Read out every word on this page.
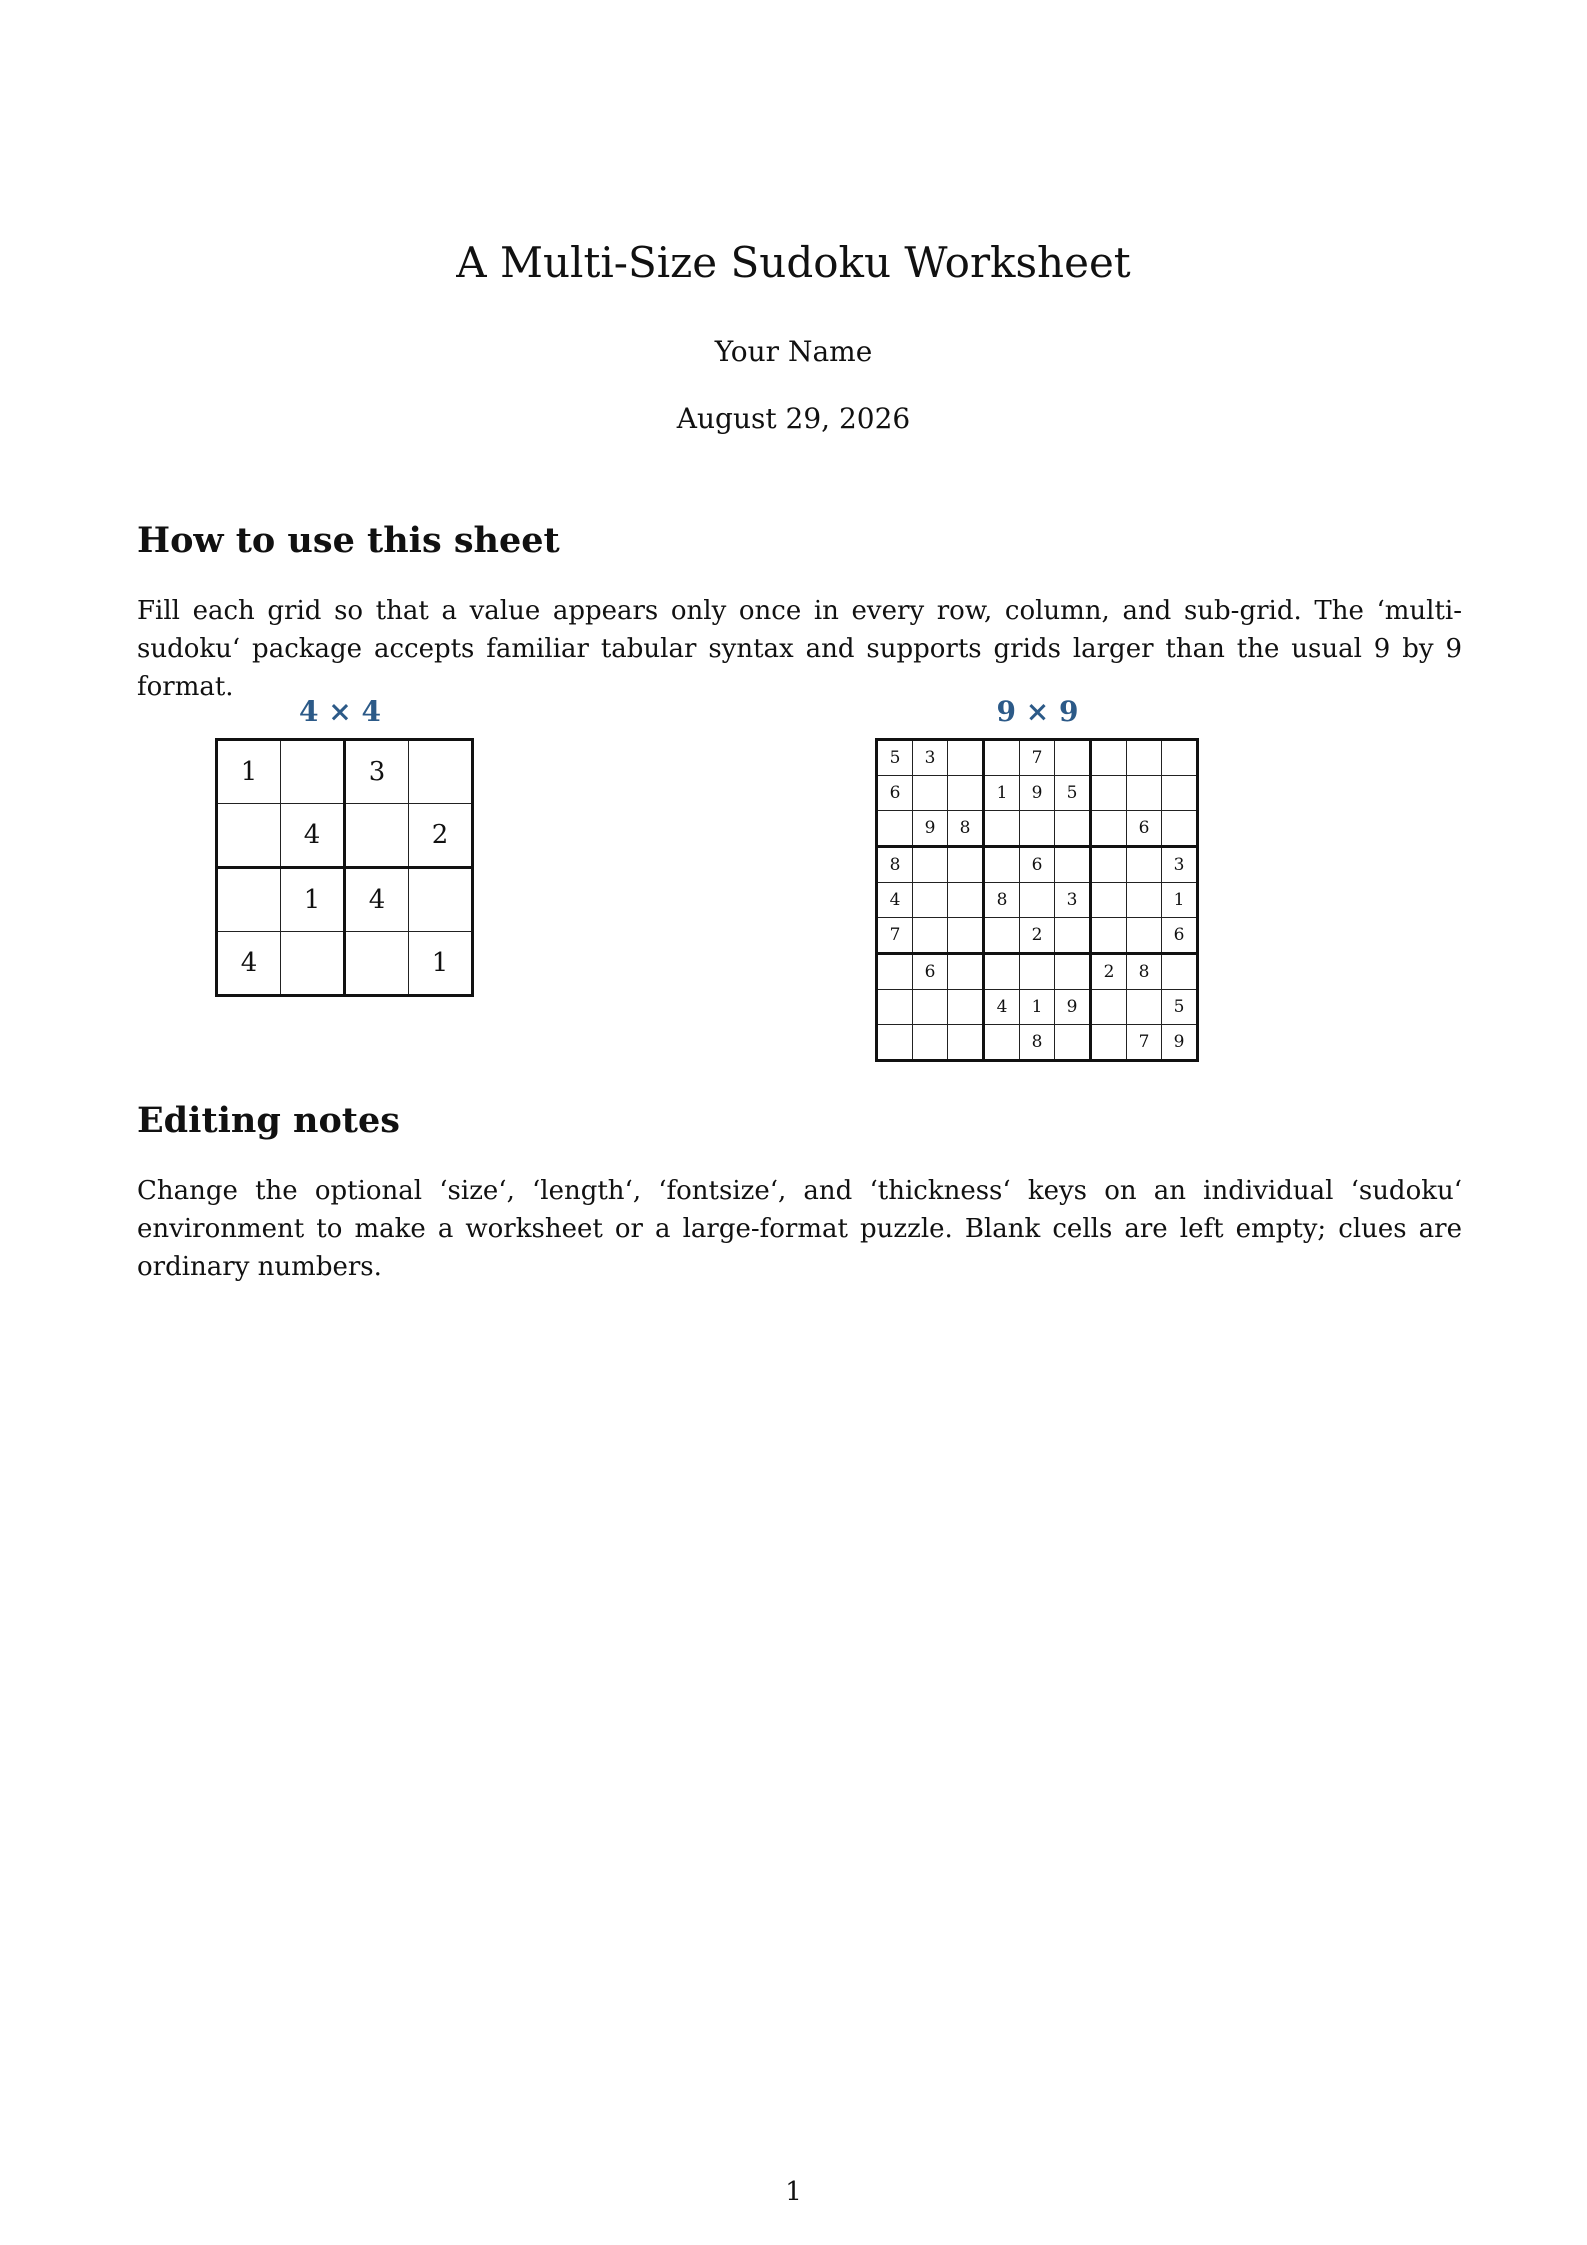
A Multi-Size Sudoku Worksheet
Your Name
August 29, 2026
How to use this sheet

Fill each grid so that a value appears only once in every row, column, and sub-grid. The ‘multi-sudoku‘ package accepts familiar tabular syntax and supports grids larger than the usual 9 by 9 format.

4 × 4
1		3	
	4		2
	1	4	
4			1
9 × 9
5	3			7				
6			1	9	5			
	9	8					6	
8				6				3
4			8		3			1
7				2				6
	6					2	8	
			4	1	9			5
				8			7	9
Editing notes

Change the optional ‘size‘, ‘length‘, ‘fontsize‘, and ‘thickness‘ keys on an individual ‘sudoku‘ environment to make a worksheet or a large-format puzzle. Blank cells are left empty; clues are ordinary numbers.

1
